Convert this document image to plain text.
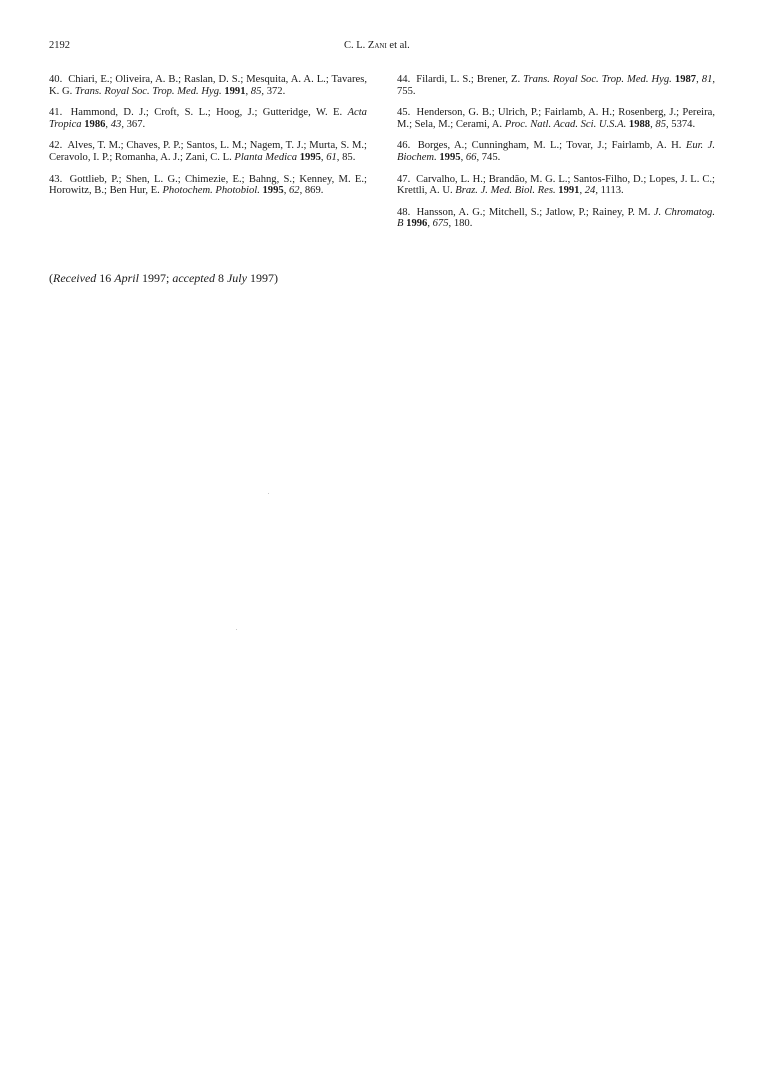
2192	C. L. Zani et al.

40. Chiari, E.; Oliveira, A. B.; Raslan, D. S.; Mesquita, A. A. L.; Tavares, K. G. Trans. Royal Soc. Trop. Med. Hyg. 1991, 85, 372.

41. Hammond, D. J.; Croft, S. L.; Hoog, J.; Gutteridge, W. E. Acta Tropica 1986, 43, 367.

42. Alves, T. M.; Chaves, P. P.; Santos, L. M.; Nagem, T. J.; Murta, S. M.; Ceravolo, I. P.; Romanha, A. J.; Zani, C. L. Planta Medica 1995, 61, 85.

43. Gottlieb, P.; Shen, L. G.; Chimezie, E.; Bahng, S.; Kenney, M. E.; Horowitz, B.; Ben Hur, E. Photochem. Photobiol. 1995, 62, 869.

44. Filardi, L. S.; Brener, Z. Trans. Royal Soc. Trop. Med. Hyg. 1987, 81, 755.

45. Henderson, G. B.; Ulrich, P.; Fairlamb, A. H.; Rosenberg, J.; Pereira, M.; Sela, M.; Cerami, A. Proc. Natl. Acad. Sci. U.S.A. 1988, 85, 5374.

46. Borges, A.; Cunningham, M. L.; Tovar, J.; Fairlamb, A. H. Eur. J. Biochem. 1995, 66, 745.

47. Carvalho, L. H.; Brandão, M. G. L.; Santos-Filho, D.; Lopes, J. L. C.; Krettli, A. U. Braz. J. Med. Biol. Res. 1991, 24, 1113.

48. Hansson, A. G.; Mitchell, S.; Jatlow, P.; Rainey, P. M. J. Chromatog. B 1996, 675, 180.

(Received 16 April 1997; accepted 8 July 1997)
